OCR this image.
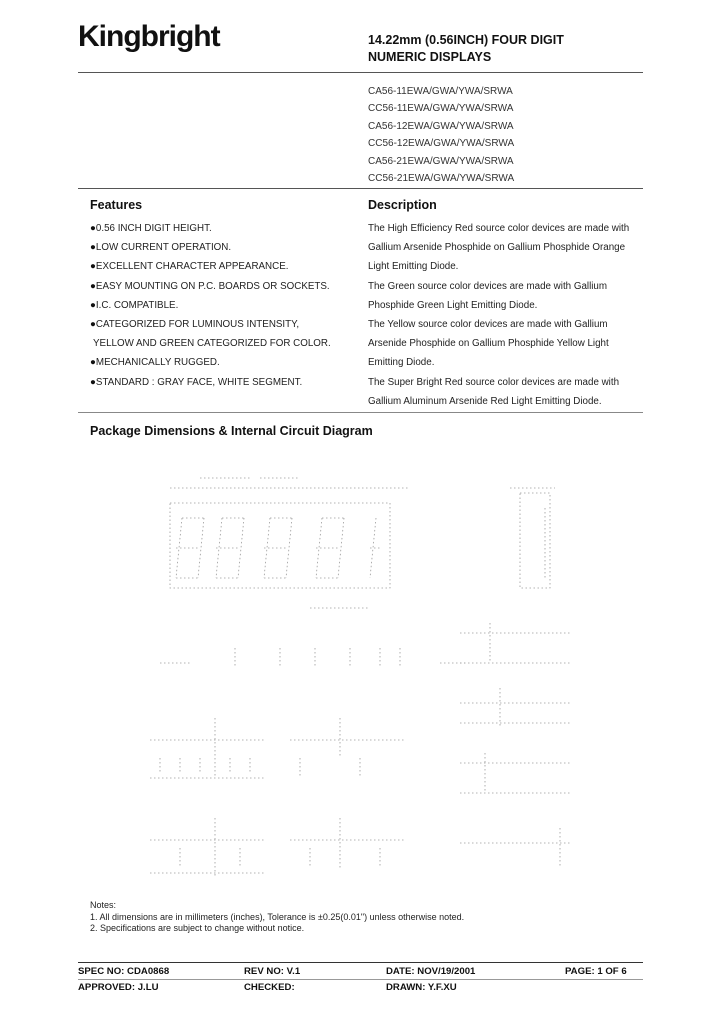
Kingbright	14.22mm (0.56INCH) FOUR DIGIT
NUMERIC DISPLAYS
CA56-11EWA/GWA/YWA/SRWA
CC56-11EWA/GWA/YWA/SRWA
CA56-12EWA/GWA/YWA/SRWA
CC56-12EWA/GWA/YWA/SRWA
CA56-21EWA/GWA/YWA/SRWA
CC56-21EWA/GWA/YWA/SRWA
Features
●0.56 INCH DIGIT HEIGHT.
●LOW CURRENT OPERATION.
●EXCELLENT CHARACTER APPEARANCE.
●EASY MOUNTING ON P.C. BOARDS OR SOCKETS.
●I.C. COMPATIBLE.
●CATEGORIZED FOR LUMINOUS INTENSITY,
YELLOW AND GREEN CATEGORIZED FOR COLOR.
●MECHANICALLY RUGGED.
●STANDARD : GRAY FACE, WHITE SEGMENT.
Description
The High Efficiency Red source color devices are made with
Gallium Arsenide Phosphide on Gallium Phosphide Orange
Light Emitting Diode.
The Green source color devices are made with Gallium
Phosphide Green Light Emitting Diode.
The Yellow source color devices are made with Gallium
Arsenide Phosphide on Gallium Phosphide Yellow Light
Emitting Diode.
The Super Bright Red source color devices are made with
Gallium Aluminum Arsenide Red Light Emitting Diode.
Package Dimensions & Internal Circuit Diagram
Notes:
1. All dimensions are in millimeters (inches), Tolerance is ±0.25(0.01") unless otherwise noted.
2. Specifications are subject to change without notice.
SPEC NO: CDA0868	REV NO: V.1	DATE: NOV/19/2001	PAGE: 1 OF 6
APPROVED: J.LU	CHECKED:	DRAWN: Y.F.XU
